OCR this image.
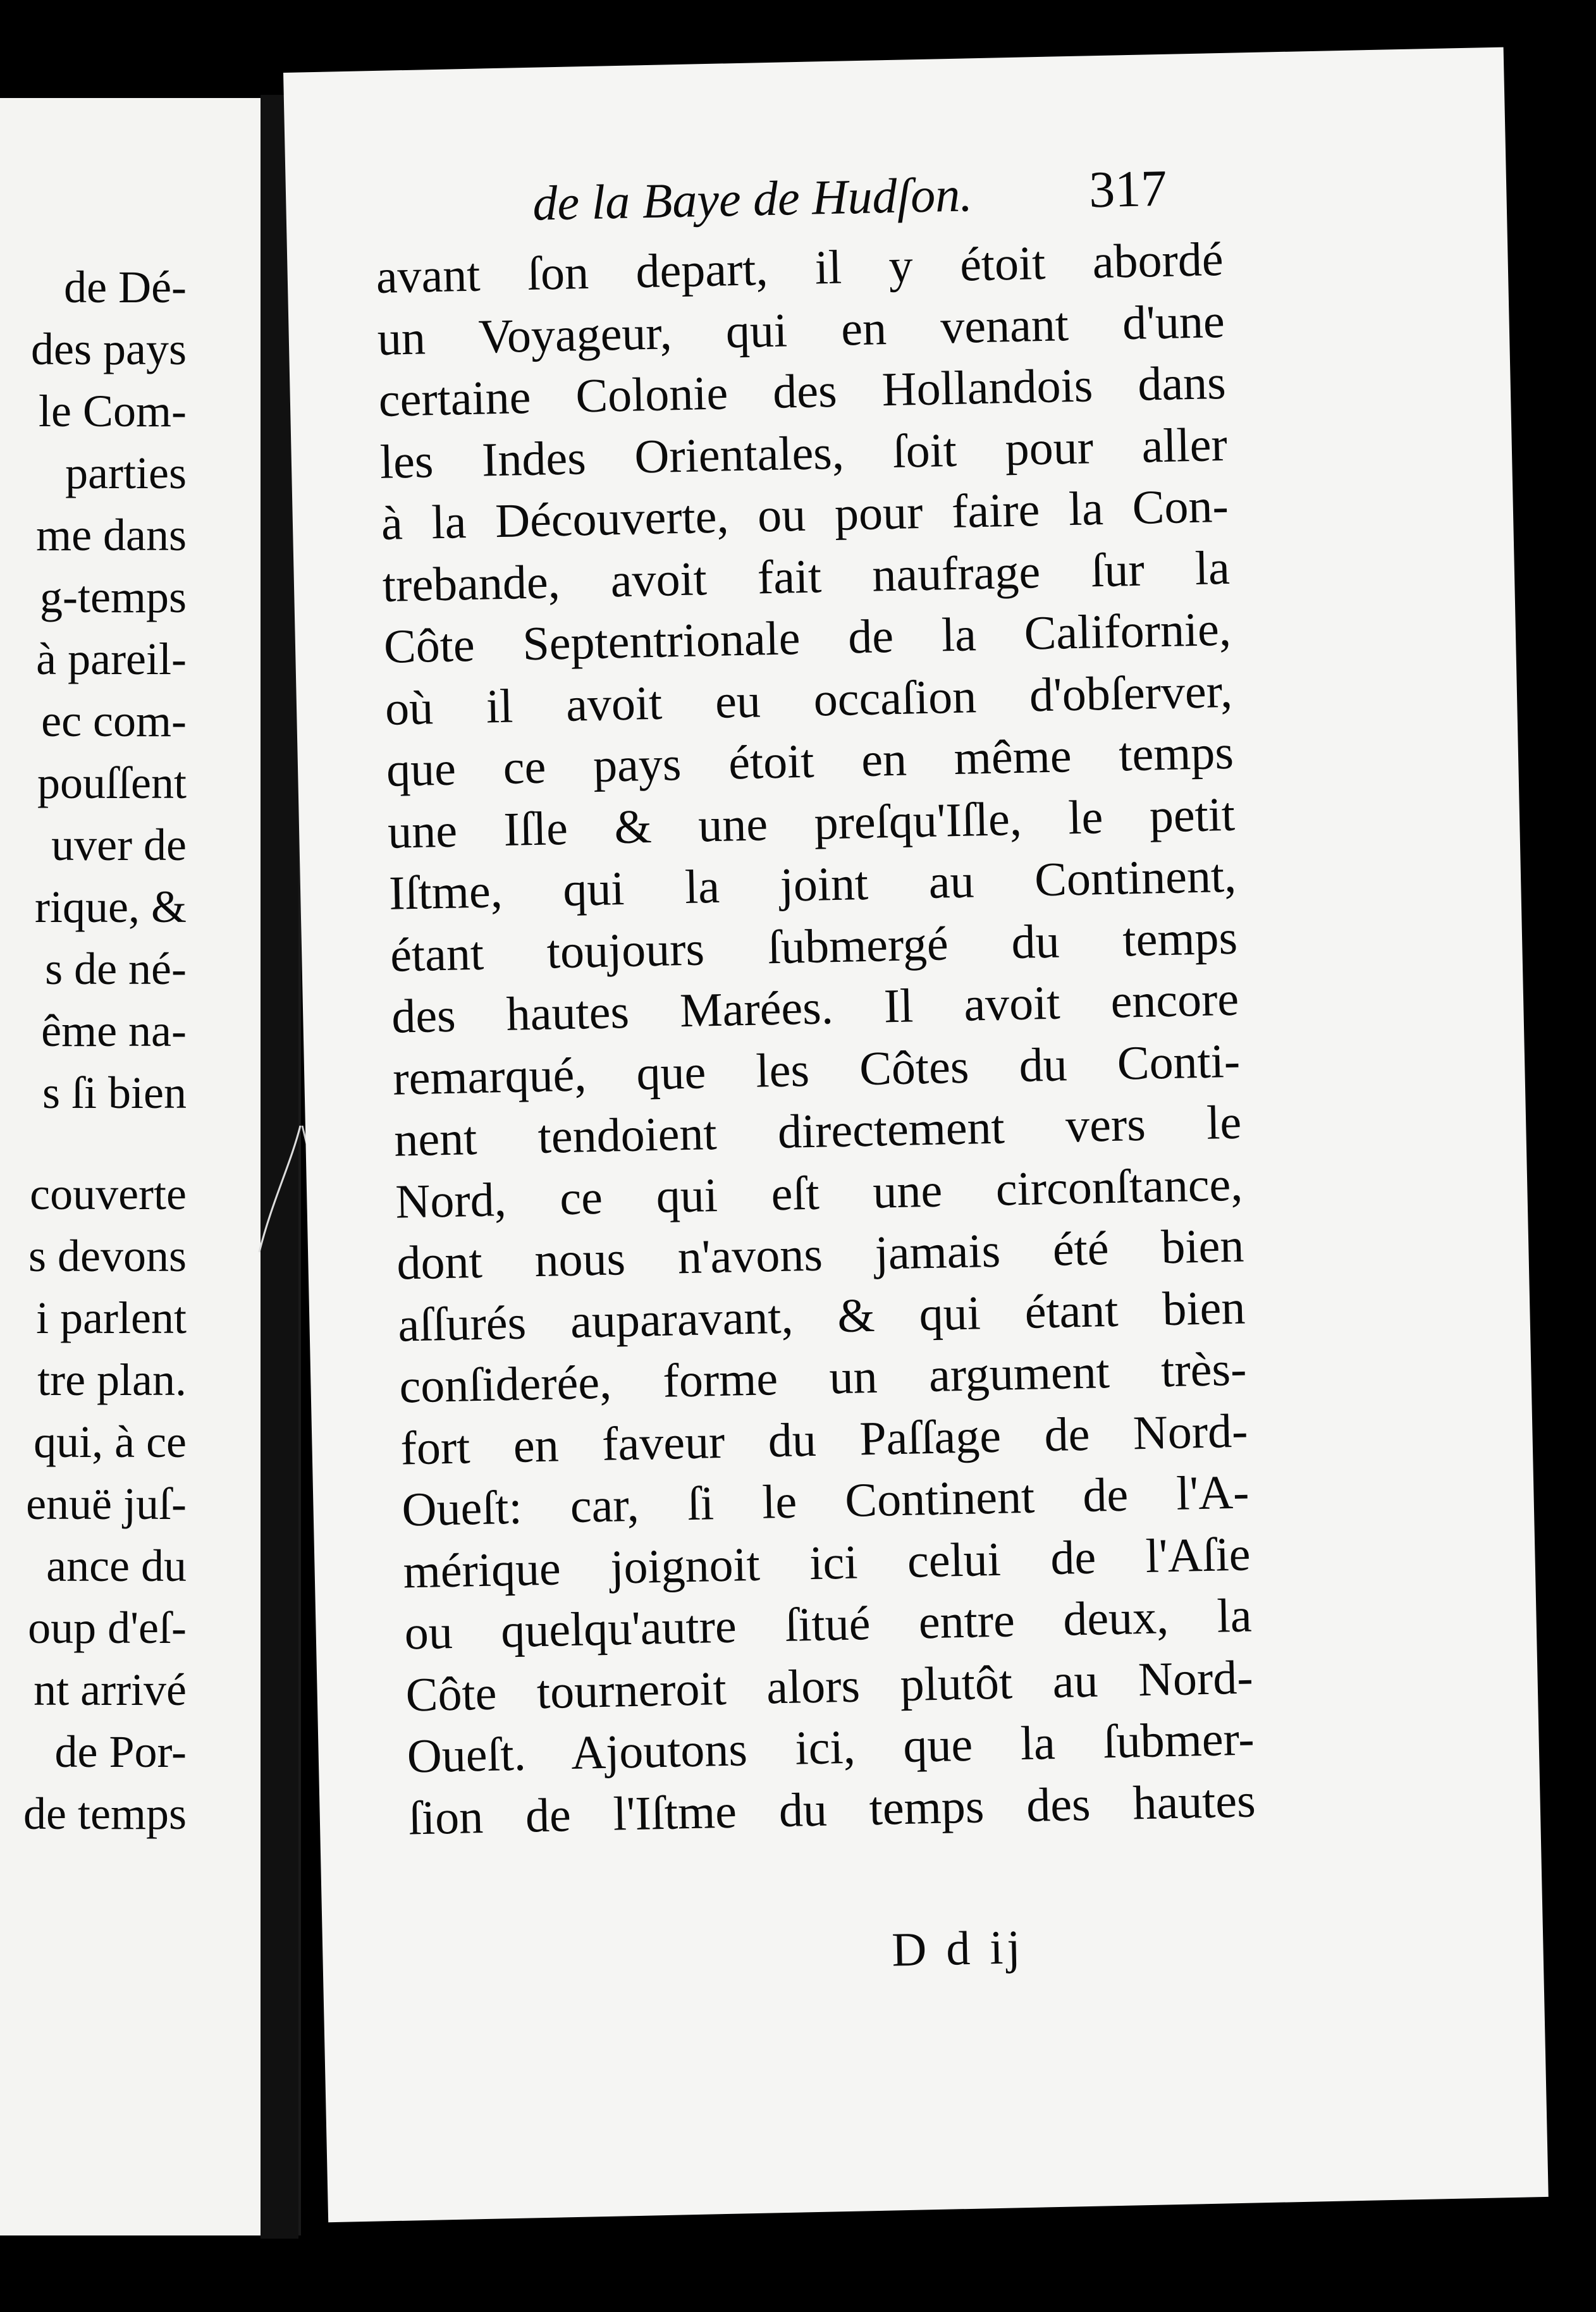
de Dé-
des pays
le Com-
parties
me dans
g-temps
à pareil-
ec com-
pouſſent
uver de
rique, &
s de né-
ême na-
s ſi bien
couverte
s devons
i parlent
tre plan.
qui, à ce
enuë juſ-
ance du
oup d'eſ-
nt arrivé
de Por-
de temps
de la Baye de Hudſon.	317
avant ſon depart, il y étoit abordé
un Voyageur, qui en venant d'une
certaine Colonie des Hollandois dans
les Indes Orientales, ſoit pour aller
à la Découverte, ou pour faire la Con-
trebande, avoit fait naufrage ſur la
Côte Septentrionale de la Californie,
où il avoit eu occaſion d'obſerver,
que ce pays étoit en même temps
une Iſle & une preſqu'Iſle, le petit
Iſtme, qui la joint au Continent,
étant toujours ſubmergé du temps
des hautes Marées. Il avoit encore
remarqué, que les Côtes du Conti-
nent tendoient directement vers le
Nord, ce qui eſt une circonſtance,
dont nous n'avons jamais été bien
aſſurés auparavant, & qui étant bien
conſiderée, forme un argument très-
fort en faveur du Paſſage de Nord-
Oueſt: car, ſi le Continent de l'A-
mérique joignoit ici celui de l'Aſie
ou quelqu'autre ſitué entre deux, la
Côte tourneroit alors plutôt au Nord-
Oueſt. Ajoutons ici, que la ſubmer-
ſion de l'Iſtme du temps des hautes
D d ij
